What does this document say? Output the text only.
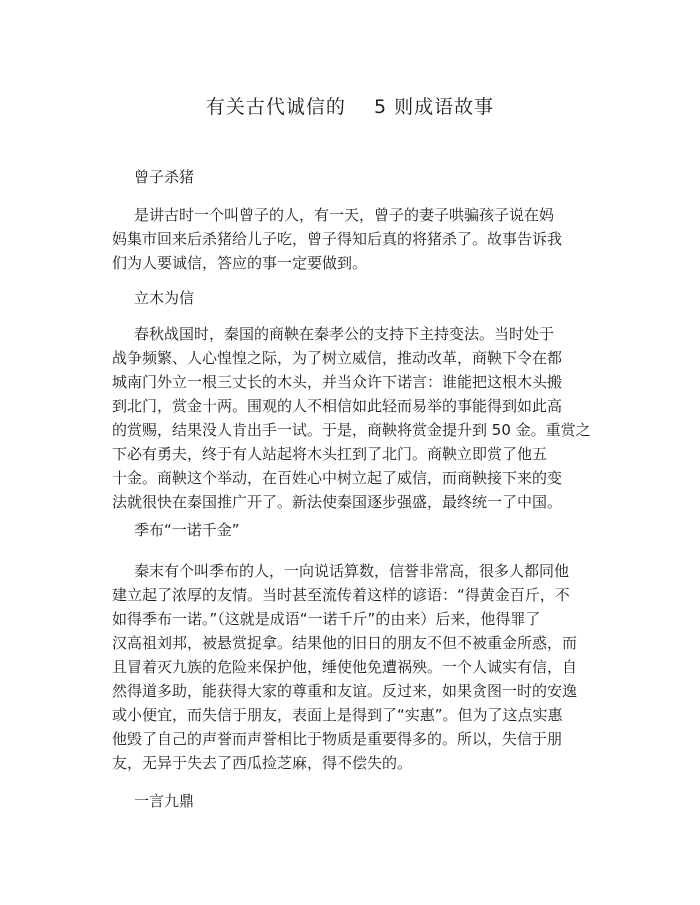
有关古代诚信的    5 则成语故事
曾子杀猪
是讲古时一个叫曾子的人，有一天，曾子的妻子哄骗孩子说在妈
妈集市回来后杀猪给儿子吃，曾子得知后真的将猪杀了。故事告诉我
们为人要诚信，答应的事一定要做到。
立木为信
春秋战国时，秦国的商鞅在秦孝公的支持下主持变法。当时处于
战争频繁、人心惶惶之际，为了树立威信，推动改革，商鞅下令在都
城南门外立一根三丈长的木头，并当众许下诺言：谁能把这根木头搬
到北门，赏金十两。围观的人不相信如此轻而易举的事能得到如此高
的赏赐，结果没人肯出手一试。于是，商鞅将赏金提升到 50 金。重赏之
下必有勇夫，终于有人站起将木头扛到了北门。商鞅立即赏了他五
十金。商鞅这个举动，在百姓心中树立起了威信，而商鞅接下来的变
法就很快在秦国推广开了。新法使秦国逐步强盛，最终统一了中国。
季布“一诺千金”
秦末有个叫季布的人，一向说话算数，信誉非常高，很多人都同他
建立起了浓厚的友情。当时甚至流传着这样的谚语：“得黄金百斤，不
如得季布一诺。”（这就是成语“一诺千斤”的由来）后来，他得罪了
汉高祖刘邦，被悬赏捉拿。结果他的旧日的朋友不但不被重金所惑，而
且冒着灭九族的危险来保护他，缍使他免遭祸殃。一个人诚实有信，自
然得道多助，能获得大家的尊重和友谊。反过来，如果贪图一时的安逸
或小便宜，而失信于朋友，表面上是得到了“实惠”。但为了这点实惠
他毁了自己的声誉而声誉相比于物质是重要得多的。所以，失信于朋
友，无异于失去了西瓜捡芝麻，得不偿失的。
一言九鼎
